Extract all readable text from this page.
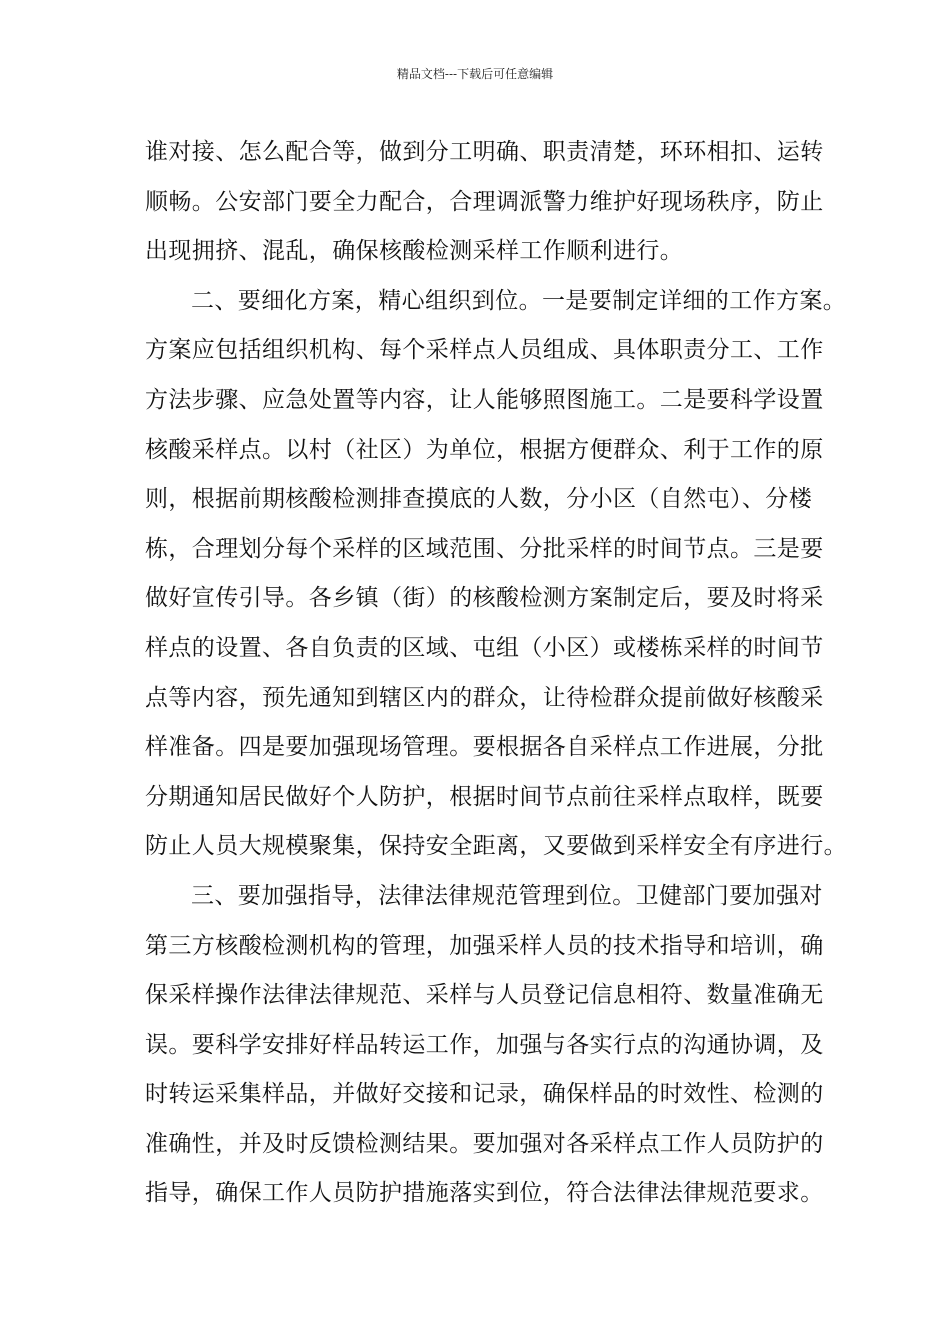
精品文档---下载后可任意编辑
谁对接、怎么配合等，做到分工明确、职责清楚，环环相扣、运转
顺畅。公安部门要全力配合，合理调派警力维护好现场秩序，防止
出现拥挤、混乱，确保核酸检测采样工作顺利进行。
二、要细化方案，精心组织到位。一是要制定详细的工作方案。
方案应包括组织机构、每个采样点人员组成、具体职责分工、工作
方法步骤、应急处置等内容，让人能够照图施工。二是要科学设置
核酸采样点。以村（社区）为单位，根据方便群众、利于工作的原
则，根据前期核酸检测排查摸底的人数，分小区（自然屯）、分楼
栋，合理划分每个采样的区域范围、分批采样的时间节点。三是要
做好宣传引导。各乡镇（街）的核酸检测方案制定后，要及时将采
样点的设置、各自负责的区域、屯组（小区）或楼栋采样的时间节
点等内容，预先通知到辖区内的群众，让待检群众提前做好核酸采
样准备。四是要加强现场管理。要根据各自采样点工作进展，分批
分期通知居民做好个人防护，根据时间节点前往采样点取样，既要
防止人员大规模聚集，保持安全距离，又要做到采样安全有序进行。
三、要加强指导，法律法律规范管理到位。卫健部门要加强对
第三方核酸检测机构的管理，加强采样人员的技术指导和培训，确
保采样操作法律法律规范、采样与人员登记信息相符、数量准确无
误。要科学安排好样品转运工作，加强与各实行点的沟通协调，及
时转运采集样品，并做好交接和记录，确保样品的时效性、检测的
准确性，并及时反馈检测结果。要加强对各采样点工作人员防护的
指导，确保工作人员防护措施落实到位，符合法律法律规范要求。
